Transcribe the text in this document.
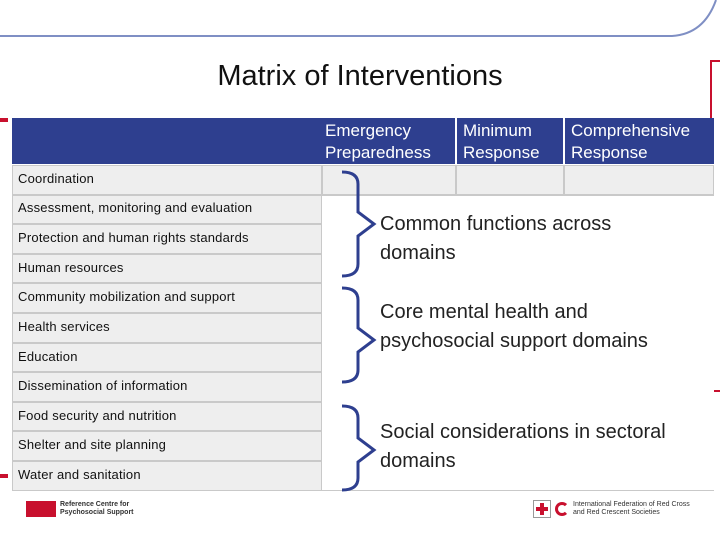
Matrix of Interventions
Emergency
Preparedness
Minimum
Response
Comprehensive
Response
Coordination
Assessment, monitoring and evaluation
Protection and human rights standards
Human resources
Community mobilization and support
Health services
Education
Dissemination of information
Food security and nutrition
Shelter and site planning
Water and sanitation
Common functions across domains
Core mental health and psychosocial support domains
Social considerations in sectoral domains
Reference Centre for Psychosocial Support
International Federation of Red Cross and Red Crescent Societies
